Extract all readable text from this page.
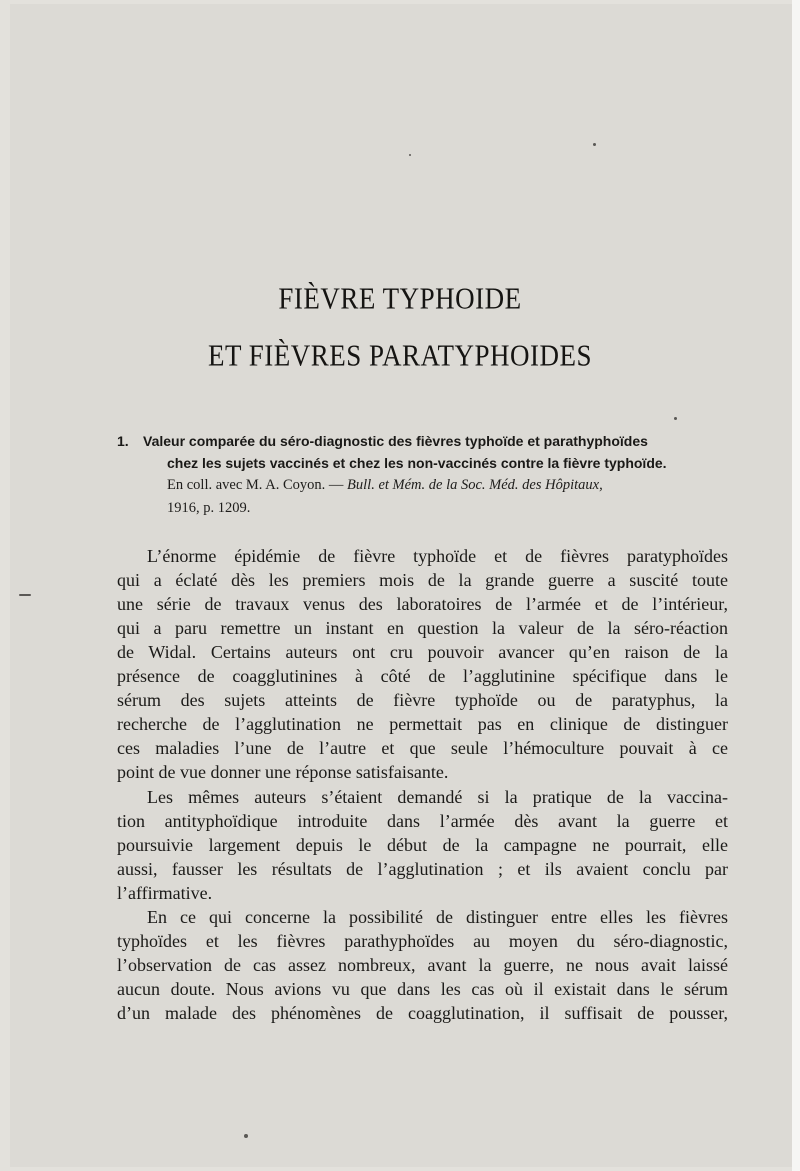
FIÈVRE TYPHOIDE
ET FIÈVRES PARATYPHOIDES
1. Valeur comparée du séro-diagnostic des fièvres typhoïde et parathyphoïdes
chez les sujets vaccinés et chez les non-vaccinés contre la fièvre typhoïde.
En coll. avec M. A. Coyon. — Bull. et Mém. de la Soc. Méd. des Hôpitaux,
1916, p. 1209.
L’énorme épidémie de fièvre typhoïde et de fièvres paratyphoïdes
qui a éclaté dès les premiers mois de la grande guerre a suscité toute
une série de travaux venus des laboratoires de l’armée et de l’intérieur,
qui a paru remettre un instant en question la valeur de la séro-réaction
de Widal. Certains auteurs ont cru pouvoir avancer qu’en raison de la
présence de coagglutinines à côté de l’agglutinine spécifique dans le
sérum des sujets atteints de fièvre typhoïde ou de paratyphus, la
recherche de l’agglutination ne permettait pas en clinique de distinguer
ces maladies l’une de l’autre et que seule l’hémoculture pouvait à ce
point de vue donner une réponse satisfaisante.
Les mêmes auteurs s’étaient demandé si la pratique de la vaccina-
tion antityphoïdique introduite dans l’armée dès avant la guerre et
poursuivie largement depuis le début de la campagne ne pourrait, elle
aussi, fausser les résultats de l’agglutination ; et ils avaient conclu par
l’affirmative.
En ce qui concerne la possibilité de distinguer entre elles les fièvres
typhoïdes et les fièvres parathyphoïdes au moyen du séro-diagnostic,
l’observation de cas assez nombreux, avant la guerre, ne nous avait laissé
aucun doute. Nous avions vu que dans les cas où il existait dans le sérum
d’un malade des phénomènes de coagglutination, il suffisait de pousser,
